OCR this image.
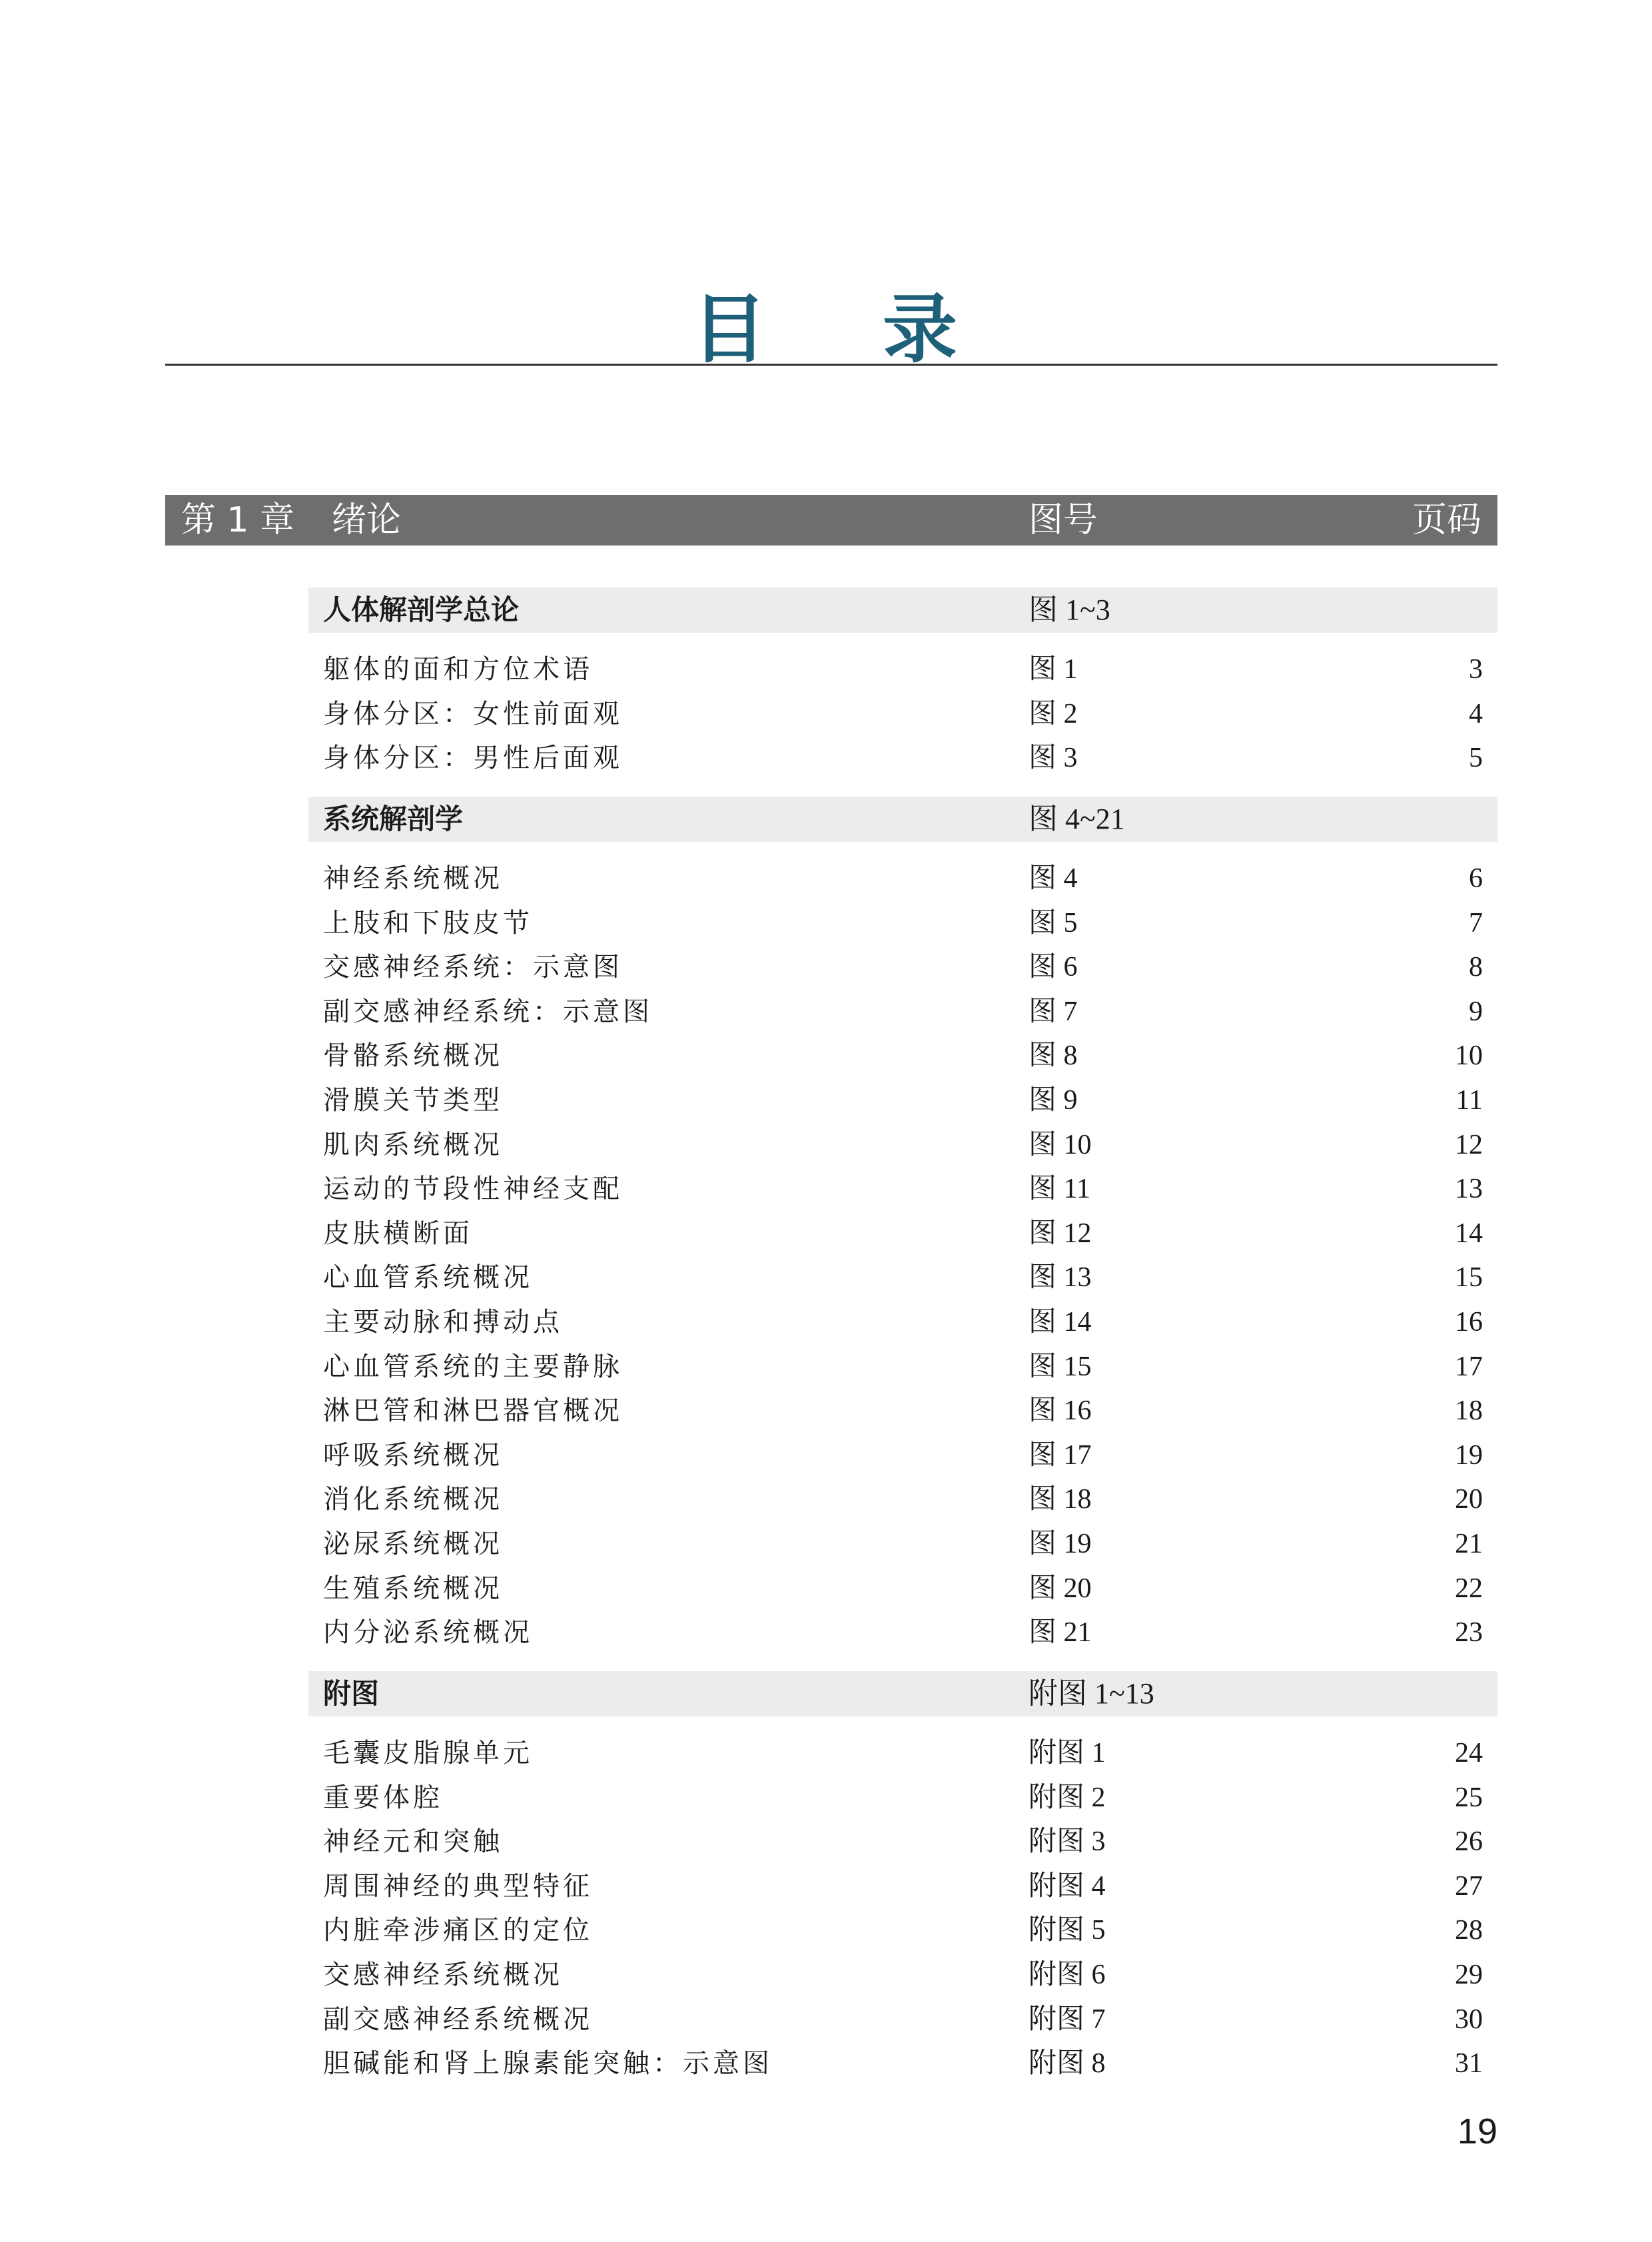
目 录
第 1 章 绪论	图号	页码
人体解剖学总论	图 1~3
躯体的面和方位术语	图 1	3
身体分区：女性前面观	图 2	4
身体分区：男性后面观	图 3	5
系统解剖学	图 4~21
神经系统概况	图 4	6
上肢和下肢皮节	图 5	7
交感神经系统：示意图	图 6	8
副交感神经系统：示意图	图 7	9
骨骼系统概况	图 8	10
滑膜关节类型	图 9	11
肌肉系统概况	图 10	12
运动的节段性神经支配	图 11	13
皮肤横断面	图 12	14
心血管系统概况	图 13	15
主要动脉和搏动点	图 14	16
心血管系统的主要静脉	图 15	17
淋巴管和淋巴器官概况	图 16	18
呼吸系统概况	图 17	19
消化系统概况	图 18	20
泌尿系统概况	图 19	21
生殖系统概况	图 20	22
内分泌系统概况	图 21	23
附图	附图 1~13
毛囊皮脂腺单元	附图 1	24
重要体腔	附图 2	25
神经元和突触	附图 3	26
周围神经的典型特征	附图 4	27
内脏牵涉痛区的定位	附图 5	28
交感神经系统概况	附图 6	29
副交感神经系统概况	附图 7	30
胆碱能和肾上腺素能突触：示意图	附图 8	31
19
